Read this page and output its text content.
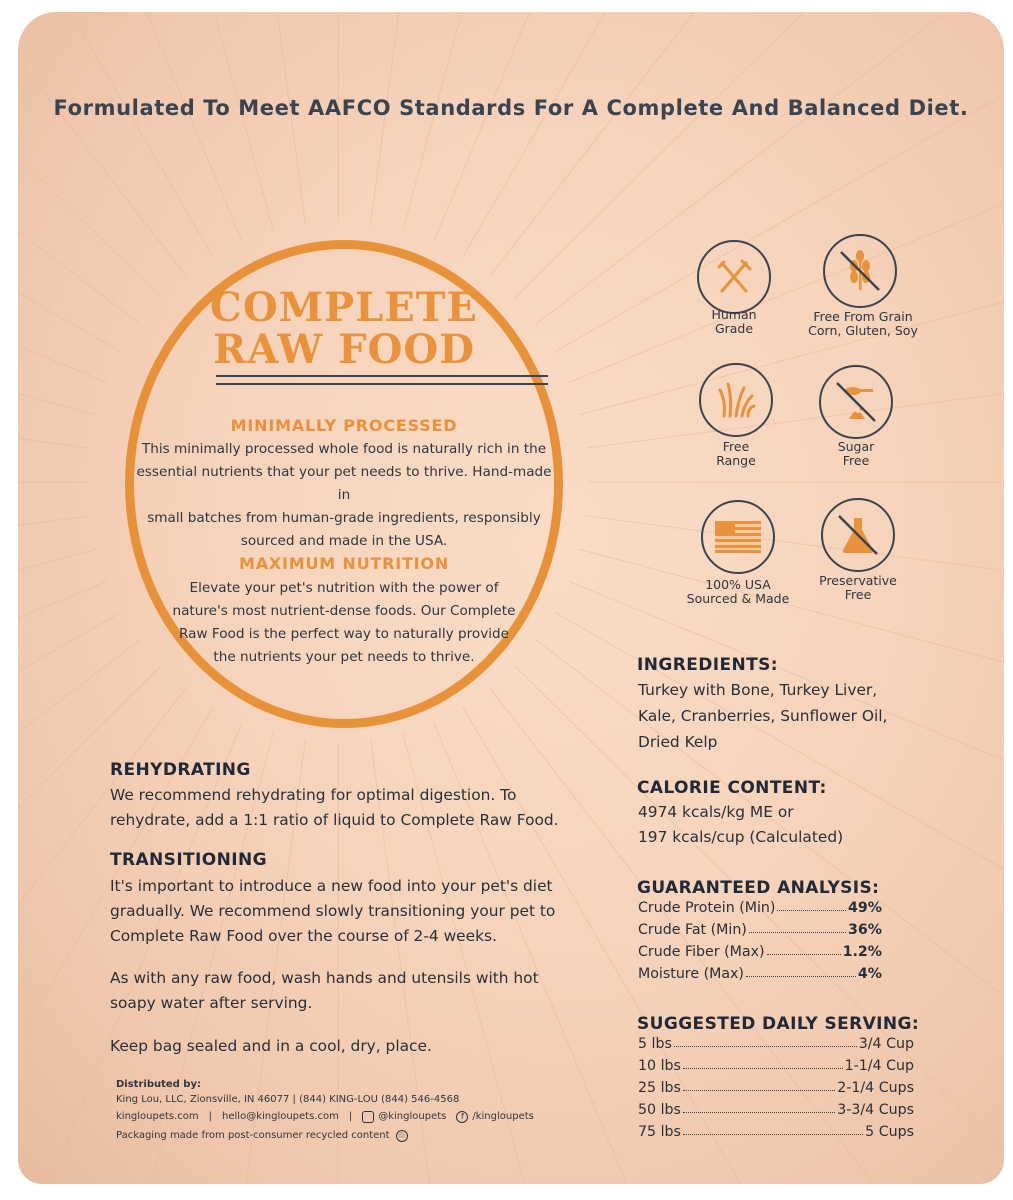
Formulated To Meet AAFCO Standards For A Complete And Balanced Diet.
COMPLETE
RAW FOOD
MINIMALLY PROCESSED
This minimally processed whole food is naturally rich in the
essential nutrients that your pet needs to thrive. Hand-made in
small batches from human-grade ingredients, responsibly
sourced and made in the USA.
MAXIMUM NUTRITION
Elevate your pet's nutrition with the power of
nature's most nutrient-dense foods. Our Complete
Raw Food is the perfect way to naturally provide
the nutrients your pet needs to thrive.
Human
Grade
Free From Grain
Corn, Gluten, Soy
Free
Range
Sugar
Free
100% USA
Sourced & Made
Preservative
Free
INGREDIENTS:
Turkey with Bone, Turkey Liver,
Kale, Cranberries, Sunflower Oil,
Dried Kelp
CALORIE CONTENT:
4974 kcals/kg ME or
197 kcals/cup (Calculated)
GUARANTEED ANALYSIS:
Crude Protein (Min)	49%
Crude Fat (Min)	36%
Crude Fiber (Max)	1.2%
Moisture (Max)	4%
SUGGESTED DAILY SERVING:
5 lbs	3/4 Cup
10 lbs	1-1/4 Cup
25 lbs	2-1/4 Cups
50 lbs	3-3/4 Cups
75 lbs	5 Cups
REHYDRATING
We recommend rehydrating for optimal digestion. To
rehydrate, add a 1:1 ratio of liquid to Complete Raw Food.
TRANSITIONING
It's important to introduce a new food into your pet's diet
gradually. We recommend slowly transitioning your pet to
Complete Raw Food over the course of 2-4 weeks.
As with any raw food, wash hands and utensils with hot
soapy water after serving.
Keep bag sealed and in a cool, dry, place.
Distributed by:
King Lou, LLC, Zionsville, IN 46077 | (844) KING-LOU (844) 546-4568
kingloupets.com | hello@kingloupets.com |	@kingloupets	f /kingloupets
Packaging made from post-consumer recycled content	♲
